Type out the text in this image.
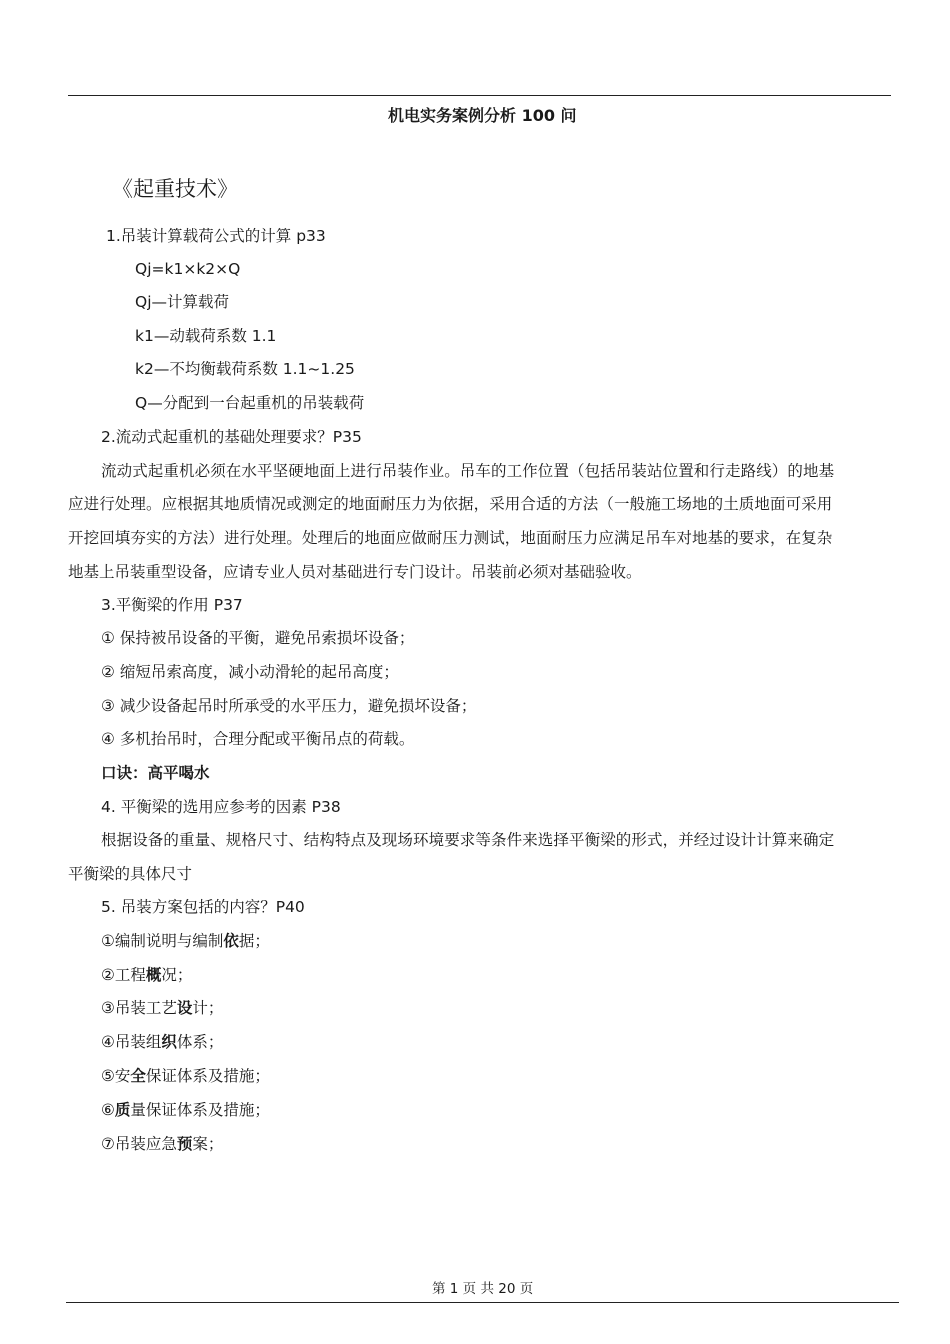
机电实务案例分析 100 问
《起重技术》
1.吊装计算载荷公式的计算 p33
Qj=k1×k2×Q
Qj—计算载荷
k1—动载荷系数 1.1
k2—不均衡载荷系数 1.1~1.25
Q—分配到一台起重机的吊装载荷
2.流动式起重机的基础处理要求？P35
流动式起重机必须在水平坚硬地面上进行吊装作业。吊车的工作位置（包括吊装站位置和行走路线）的地基
应进行处理。应根据其地质情况或测定的地面耐压力为依据，采用合适的方法（一般施工场地的土质地面可采用
开挖回填夯实的方法）进行处理。处理后的地面应做耐压力测试，地面耐压力应满足吊车对地基的要求，在复杂
地基上吊装重型设备，应请专业人员对基础进行专门设计。吊装前必须对基础验收。
3.平衡梁的作用 P37
① 保持被吊设备的平衡，避免吊索损坏设备；
② 缩短吊索高度，减小动滑轮的起吊高度；
③ 减少设备起吊时所承受的水平压力，避免损坏设备；
④ 多机抬吊时，合理分配或平衡吊点的荷载。
口诀：高平喝水
4. 平衡梁的选用应参考的因素 P38
根据设备的重量、规格尺寸、结构特点及现场环境要求等条件来选择平衡梁的形式，并经过设计计算来确定
平衡梁的具体尺寸
5. 吊装方案包括的内容？P40
①编制说明与编制依据；
②工程概况；
③吊装工艺设计；
④吊装组织体系；
⑤安全保证体系及措施；
⑥质量保证体系及措施；
⑦吊装应急预案；
第 1 页 共 20 页
